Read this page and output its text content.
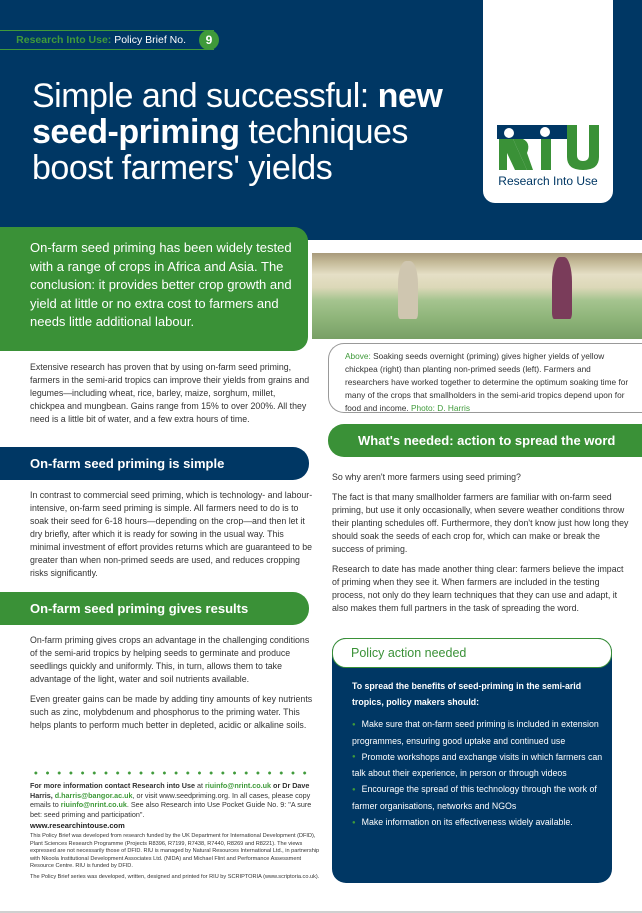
Research Into Use: Policy Brief No.	9
Simple and successful: new
seed-priming techniques
boost farmers' yields	Research Into Use
On-farm seed priming has been widely tested with a range of crops in Africa and Asia. The conclusion: it provides better crop growth and yield at little or no extra cost to farmers and needs little additional labour.
Above: Soaking seeds overnight (priming) gives higher yields of yellow chickpea (right) than planting non-primed seeds (left). Farmers and researchers have worked together to determine the optimum soaking time for many of the crops that smallholders in the semi-arid tropics depend upon for food and income. Photo: D. Harris

Extensive research has proven that by using on-farm seed priming, farmers in the semi-arid tropics can improve their yields from grains and legumes—including wheat, rice, barley, maize, sorghum, millet, chickpea and mungbean. Gains range from 15% to over 200%. All they need is a little bit of water, and a few extra hours of time.

On-farm seed priming is simple

In contrast to commercial seed priming, which is technology- and labour-intensive, on-farm seed priming is simple. All farmers need to do is to soak their seed for 6-18 hours—depending on the crop—and then let it dry briefly, after which it is ready for sowing in the usual way. This minimal investment of effort provides returns which are guaranteed to be greater than when non-primed seeds are used, and reduces cropping risks significantly.

On-farm seed priming gives results

On-farm priming gives crops an advantage in the challenging conditions of the semi-arid tropics by helping seeds to germinate and produce seedlings quickly and uniformly. This, in turn, allows them to take advantage of the light, water and soil nutrients available.

Even greater gains can be made by adding tiny amounts of key nutrients such as zinc, molybdenum and phosphorus to the priming water. This helps plants to perform much better in depleted, acidic or alkaline soils.

For more information contact Research into Use at riuinfo@nrint.co.uk or Dr Dave Harris, d.harris@bangor.ac.uk, or visit www.seedpriming.org. In all cases, please copy emails to riuinfo@nrint.co.uk. See also Research into Use Pocket Guide No. 9: "A sure bet: seed priming and participation".
www.researchintouse.com
This Policy Brief was developed from research funded by the UK Department for International Development (DFID), Plant Sciences Research Programme (Projects R8396, R7199, R7438, R7440, R8269 and R8221). The views expressed are not necessarily those of DFID. RIU is managed by Natural Resources International Ltd., in partnership with Nkoola Institutional Development Associates Ltd. (NIDA) and Michael Flint and Performance Assessment Resource Centre. RIU is funded by DFID.
The Policy Brief series was developed, written, designed and printed for RIU by SCRIPTORIA (www.scriptoria.co.uk).
What's needed: action to spread the word

So why aren't more farmers using seed priming?

The fact is that many smallholder farmers are familiar with on-farm seed priming, but use it only occasionally, when severe weather conditions throw their planting schedules off. Furthermore, they don't know just how long they should soak the seeds of each crop for, which can make or break the success of priming.

Research to date has made another thing clear: farmers believe the impact of priming when they see it. When farmers are included in the testing process, not only do they learn techniques that they can use and adapt, it also makes them full partners in the task of spreading the word.

Policy action needed
To spread the benefits of seed-priming in the semi-arid tropics, policy makers should:
● Make sure that on-farm seed priming is included in extension programmes, ensuring good uptake and continued use
● Promote workshops and exchange visits in which farmers can talk about their experience, in person or through videos
● Encourage the spread of this technology through the work of farmer organisations, networks and NGOs
● Make information on its effectiveness widely available.
